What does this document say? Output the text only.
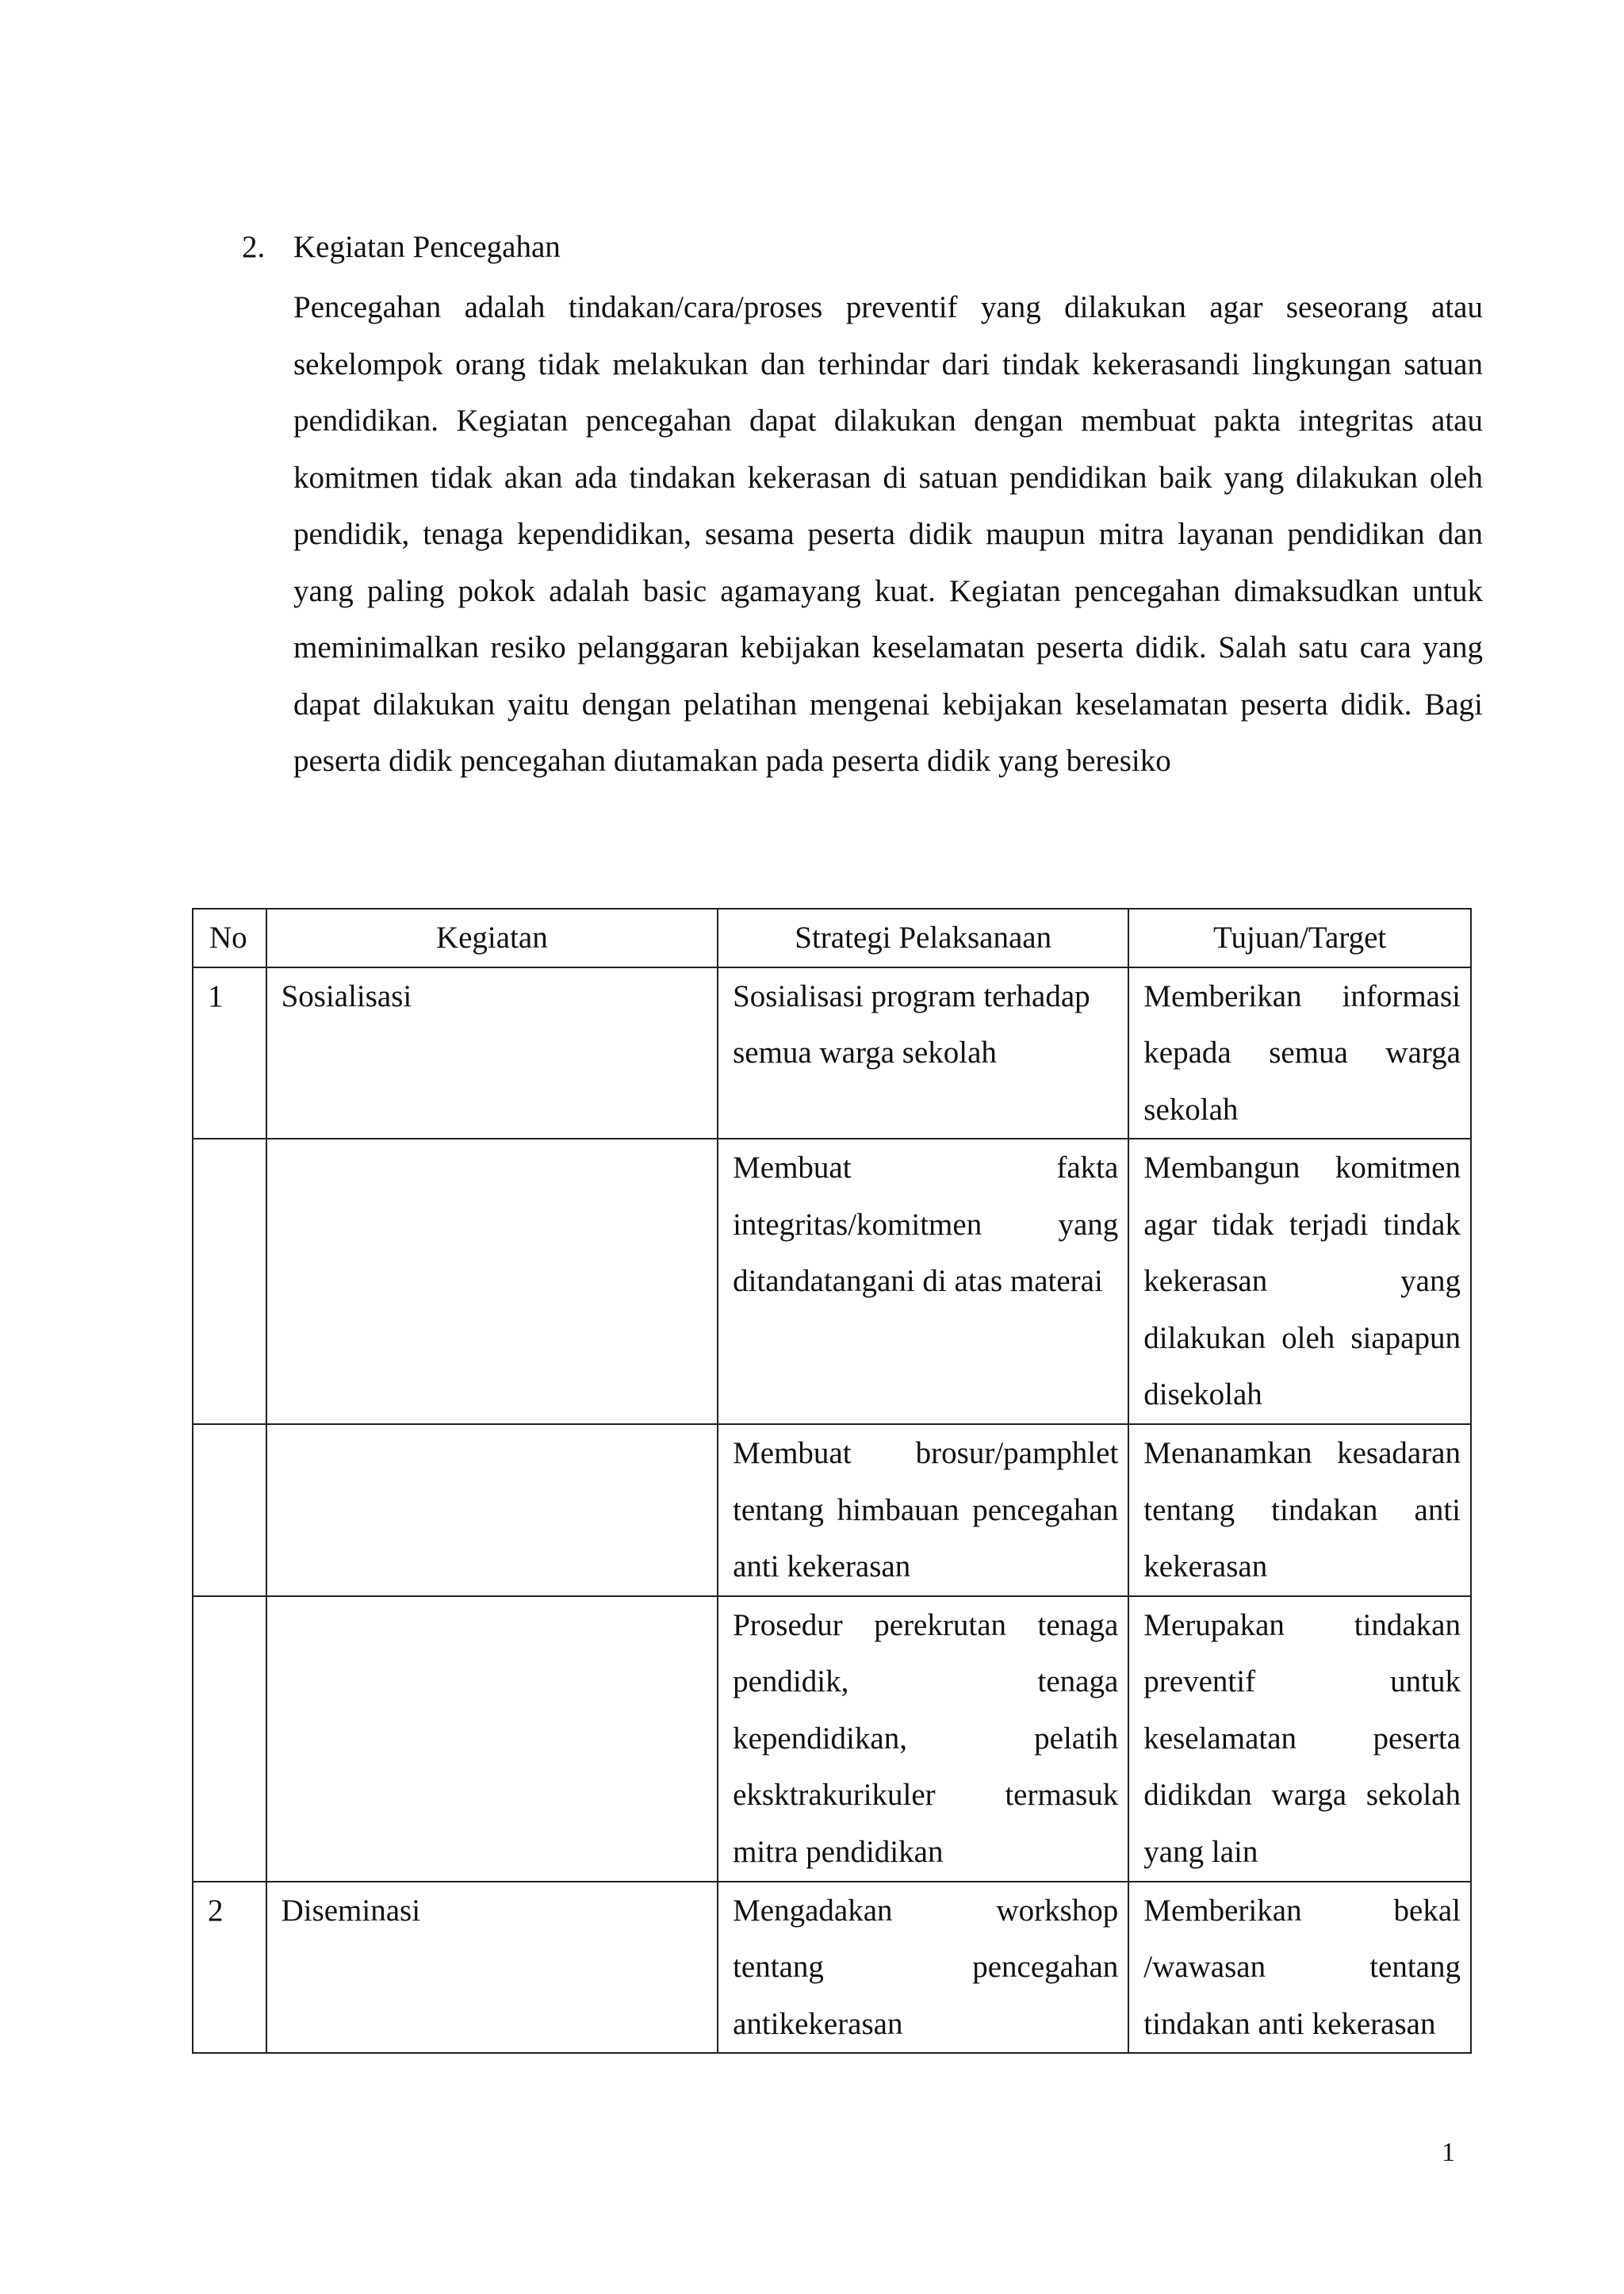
2. Kegiatan Pencegahan

Pencegahan adalah tindakan/cara/proses preventif yang dilakukan agar seseorang atau sekelompok orang tidak melakukan dan terhindar dari tindak kekerasandi lingkungan satuan pendidikan. Kegiatan pencegahan dapat dilakukan dengan membuat pakta integritas atau komitmen tidak akan ada tindakan kekerasan di satuan pendidikan baik yang dilakukan oleh pendidik, tenaga kependidikan, sesama peserta didik maupun mitra layanan pendidikan dan yang paling pokok adalah basic agamayang kuat. Kegiatan pencegahan dimaksudkan untuk meminimalkan resiko pelanggaran kebijakan keselamatan peserta didik. Salah satu cara yang dapat dilakukan yaitu dengan pelatihan mengenai kebijakan keselamatan peserta didik. Bagi peserta didik pencegahan diutamakan pada peserta didik yang beresiko

No	Kegiatan	Strategi Pelaksanaan	Tujuan/Target
1	Sosialisasi	Sosialisasi program terhadap semua warga sekolah	Memberikan informasi kepada semua warga sekolah
		Membuat fakta integritas/komitmen yang ditandatangani di atas materai	Membangun komitmen agar tidak terjadi tindak kekerasan yang dilakukan oleh siapapun disekolah
		Membuat brosur/pamphlet tentang himbauan pencegahan anti kekerasan	Menanamkan kesadaran tentang tindakan anti kekerasan
		Prosedur perekrutan tenaga pendidik, tenaga kependidikan, pelatih eksktrakurikuler termasuk mitra pendidikan	Merupakan tindakan preventif untuk keselamatan peserta didikdan warga sekolah yang lain
2	Diseminasi	Mengadakan workshop tentang pencegahan antikekerasan	Memberikan bekal /wawasan tentang tindakan anti kekerasan
1
